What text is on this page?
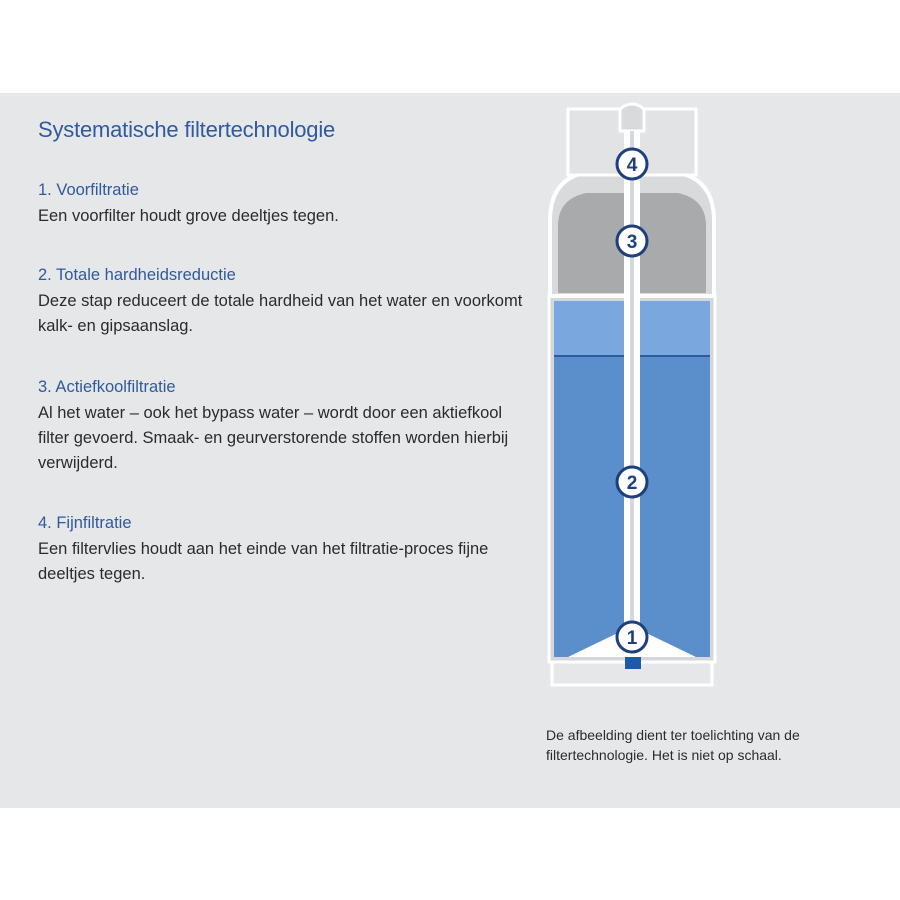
Systematische filtertechnologie
1. Voorfiltratie

Een voorfilter houdt grove deeltjes tegen.

2. Totale hardheidsreductie

Deze stap reduceert de totale hardheid van het water en voorkomt kalk- en gipsaanslag.

3. Actiefkoolfiltratie

Al het water – ook het bypass water – wordt door een aktiefkool filter gevoerd. Smaak- en geurverstorende stoffen worden hierbij verwijderd.

4. Fijnfiltratie

Een filtervlies houdt aan het einde van het filtratie-proces fijne deeltjes tegen.

4
3
2
1

De afbeelding dient ter toelichting van de filtertechnologie. Het is niet op schaal.
